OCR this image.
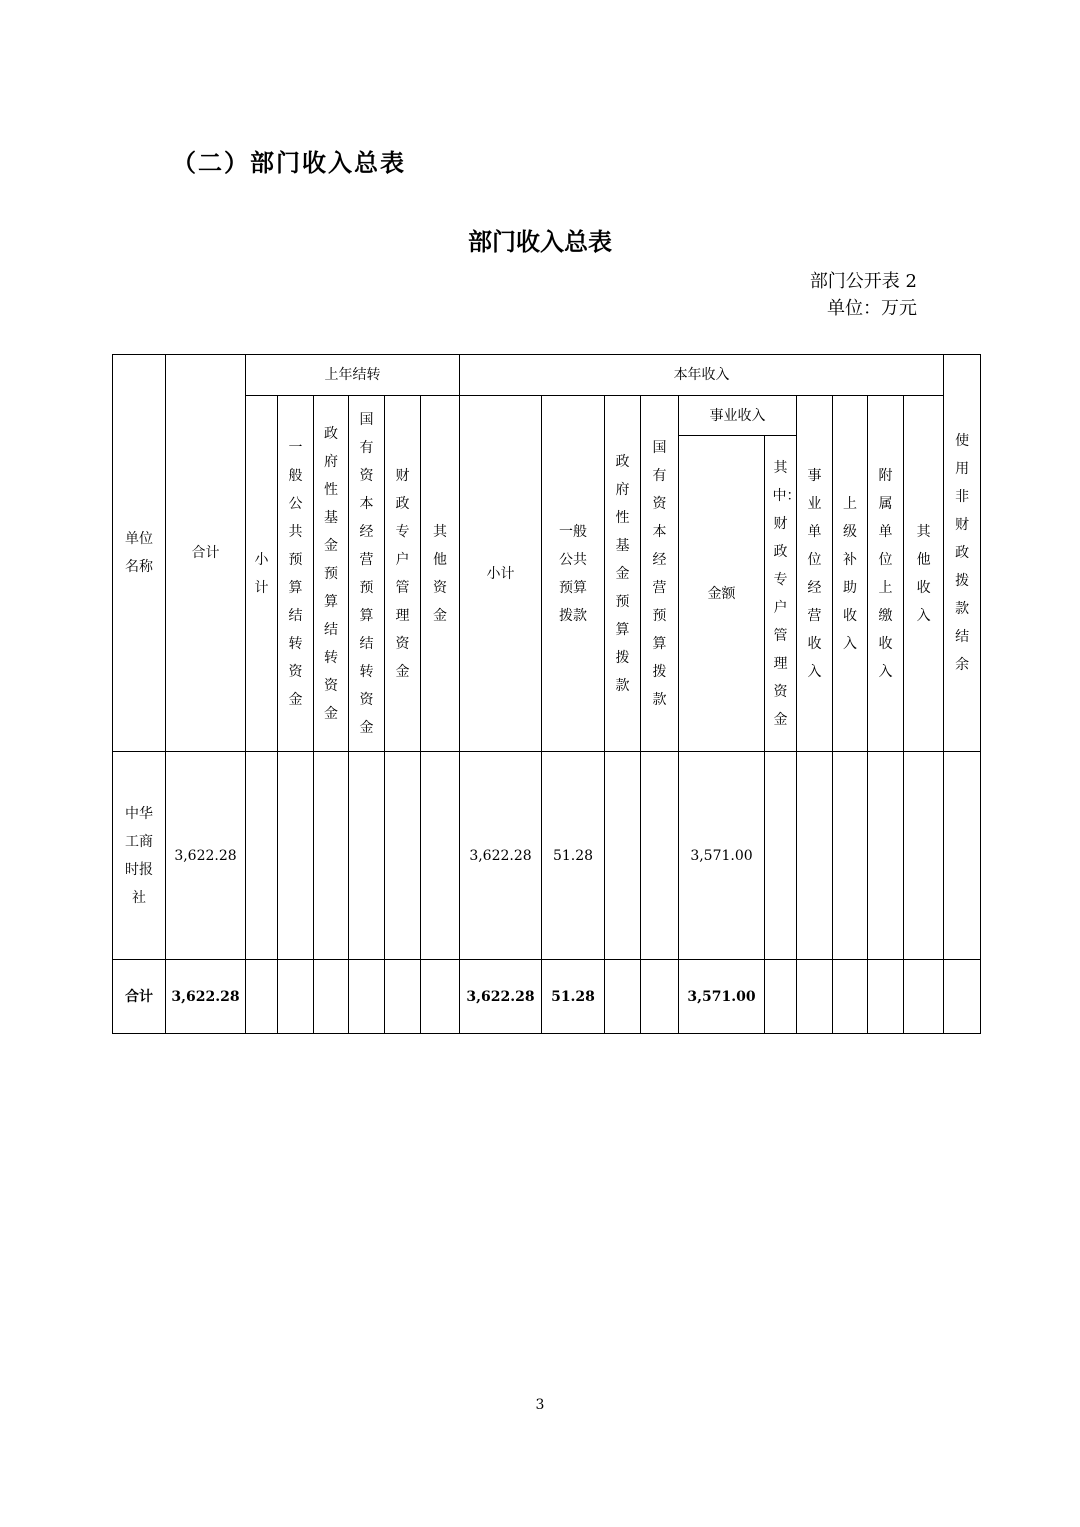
（二）部门收入总表
部门收入总表
部门公开表 2
单位：万元
单位名称	合计	上年结转						本年收入										使用非财政拨款结余
		小计	一般公共预算结转资金	政府性基金预算结转资金	国有资本经营预算结转资金	财政专户管理资金	其他资金	小计	一般公共预算拨款	政府性基金预算拨款	国有资本经营预算拨款	事业收入		事业单位经营收入	上级补助收入	附属单位上缴收入	其他收入	
												金额	其中：财政专户管理资金					
中华工商时报社	3,622.28							3,622.28	51.28			3,571.00						
合计	3,622.28							3,622.28	51.28			3,571.00						
3
